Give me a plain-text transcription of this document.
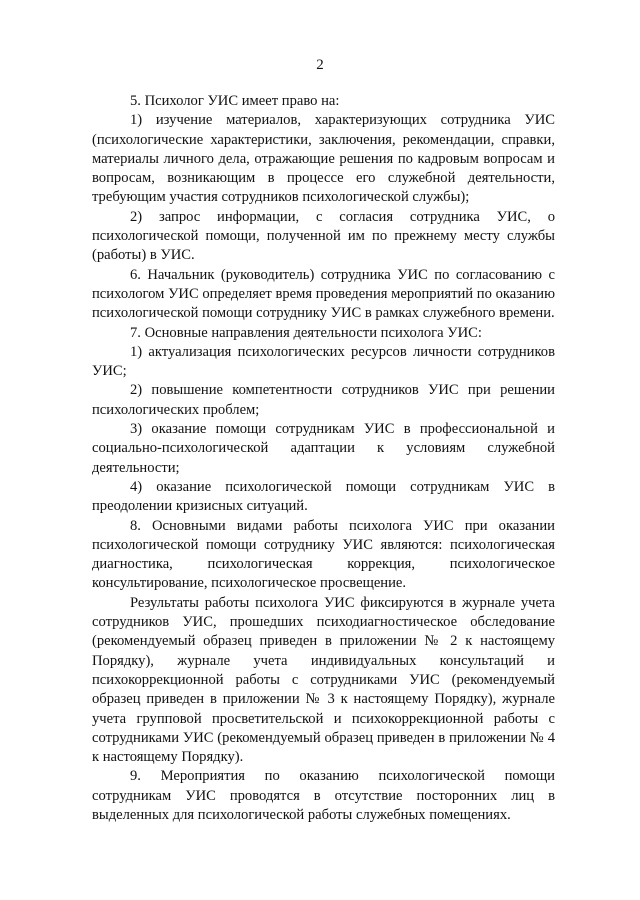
2

5. Психолог УИС имеет право на:

1) изучение материалов, характеризующих сотрудника УИС (психологические характеристики, заключения, рекомендации, справки, материалы личного дела, отражающие решения по кадровым вопросам и вопросам, возникающим в процессе его служебной деятельности, требующим участия сотрудников психологической службы);

2) запрос информации, с согласия сотрудника УИС, о психологической помощи, полученной им по прежнему месту службы (работы) в УИС.

6. Начальник (руководитель) сотрудника УИС по согласованию с психологом УИС определяет время проведения мероприятий по оказанию психологической помощи сотруднику УИС в рамках служебного времени.

7. Основные направления деятельности психолога УИС:

1) актуализация психологических ресурсов личности сотрудников УИС;

2) повышение компетентности сотрудников УИС при решении психологических проблем;

3) оказание помощи сотрудникам УИС в профессиональной и социально-психологической адаптации к условиям служебной деятельности;

4) оказание психологической помощи сотрудникам УИС в преодолении кризисных ситуаций.

8. Основными видами работы психолога УИС при оказании психологической помощи сотруднику УИС являются: психологическая диагностика, психологическая коррекция, психологическое консультирование, психологическое просвещение.

Результаты работы психолога УИС фиксируются в журнале учета сотрудников УИС, прошедших психодиагностическое обследование (рекомендуемый образец приведен в приложении № 2 к настоящему Порядку), журнале учета индивидуальных консультаций и психокоррекционной работы с сотрудниками УИС (рекомендуемый образец приведен в приложении № 3 к настоящему Порядку), журнале учета групповой просветительской и психокоррекционной работы с сотрудниками УИС (рекомендуемый образец приведен в приложении № 4 к настоящему Порядку).

9. Мероприятия по оказанию психологической помощи сотрудникам УИС проводятся в отсутствие посторонних лиц в выделенных для психологической работы служебных помещениях.
